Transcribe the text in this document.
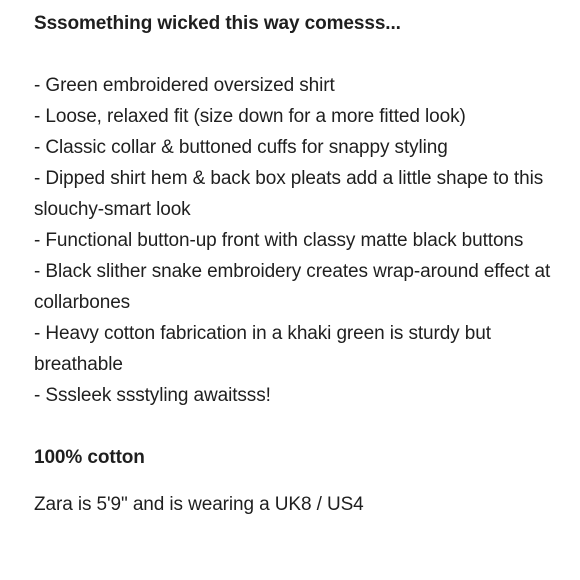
Sssomething wicked this way comesss...

- Green embroidered oversized shirt
- Loose, relaxed fit (size down for a more fitted look)
- Classic collar & buttoned cuffs for snappy styling
- Dipped shirt hem & back box pleats add a little shape to this slouchy-smart look
- Functional button-up front with classy matte black buttons
- Black slither snake embroidery creates wrap-around effect at collarbones
- Heavy cotton fabrication in a khaki green is sturdy but breathable
- Sssleek ssstyling awaitsss!

100% cotton

Zara is 5'9" and is wearing a UK8 / US4
